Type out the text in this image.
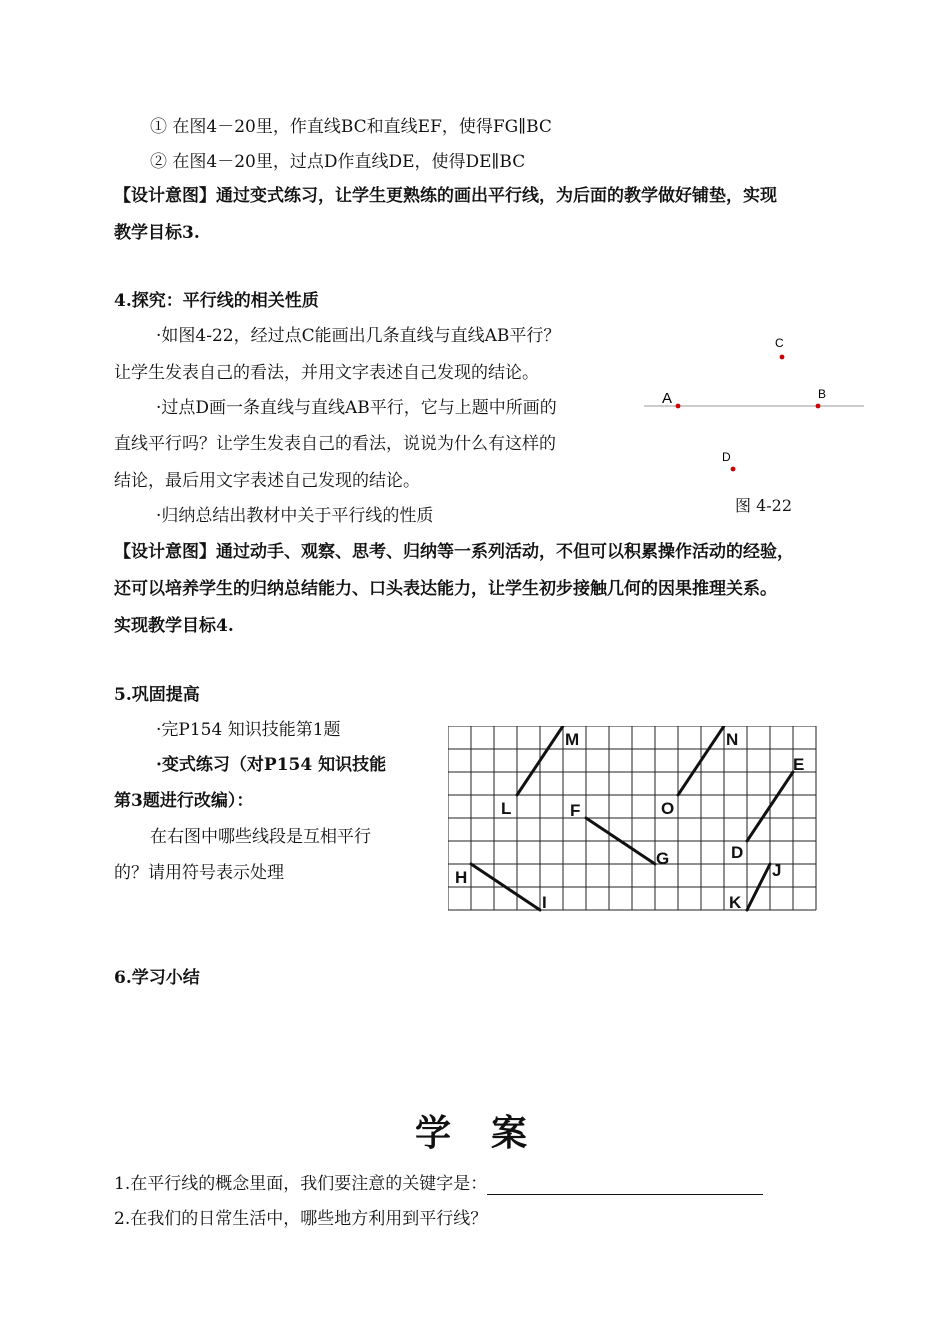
① 在图4－20里，作直线BC和直线EF，使得FG∥BC
② 在图4－20里，过点D作直线DE，使得DE∥BC
【设计意图】通过变式练习，让学生更熟练的画出平行线，为后面的教学做好铺垫，实现
教学目标3.
4.探究：平行线的相关性质
·如图4-22，经过点C能画出几条直线与直线AB平行？
让学生发表自己的看法，并用文字表述自己发现的结论。
·过点D画一条直线与直线AB平行，它与上题中所画的
直线平行吗？让学生发表自己的看法，说说为什么有这样的
结论，最后用文字表述自己发现的结论。
·归纳总结出教材中关于平行线的性质
A	B
C
D
图 4-22
【设计意图】通过动手、观察、思考、归纳等一系列活动，不但可以积累操作活动的经验，
还可以培养学生的归纳总结能力、口头表达能力，让学生初步接触几何的因果推理关系。
实现教学目标4.
5.巩固提高
·完P154 知识技能第1题
·变式练习（对P154 知识技能
第3题进行改编）：
在右图中哪些线段是互相平行
的？请用符号表示处理
M
L	F
G
H
I
N
O
E
D
J
K
6.学习小结
学案
1.在平行线的概念里面，我们要注意的关键字是：
2.在我们的日常生活中，哪些地方利用到平行线？
